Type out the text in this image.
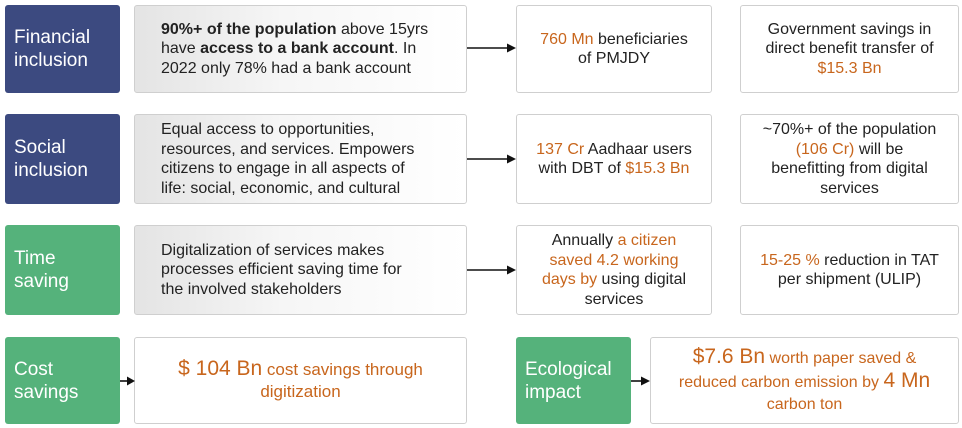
Financial
inclusion
90%+ of the population above 15yrs
have access to a bank account. In
2022 only 78% had a bank account
760 Mn beneficiaries
of PMJDY
Government savings in
direct benefit transfer of
$15.3 Bn
Social
inclusion
Equal access to opportunities,
resources, and services. Empowers
citizens to engage in all aspects of
life: social, economic, and cultural
137 Cr Aadhaar users
with DBT of $15.3 Bn
~70%+ of the population
(106 Cr) will be
benefitting from digital
services
Time
saving
Digitalization of services makes
processes efficient saving time for
the involved stakeholders
Annually a citizen
saved 4.2 working
days by using digital
services
15-25 % reduction in TAT
per shipment (ULIP)
Cost
savings
$ 104 Bn cost savings through
digitization
Ecological
impact
$7.6 Bn worth paper saved &
reduced carbon emission by 4 Mn
carbon ton
